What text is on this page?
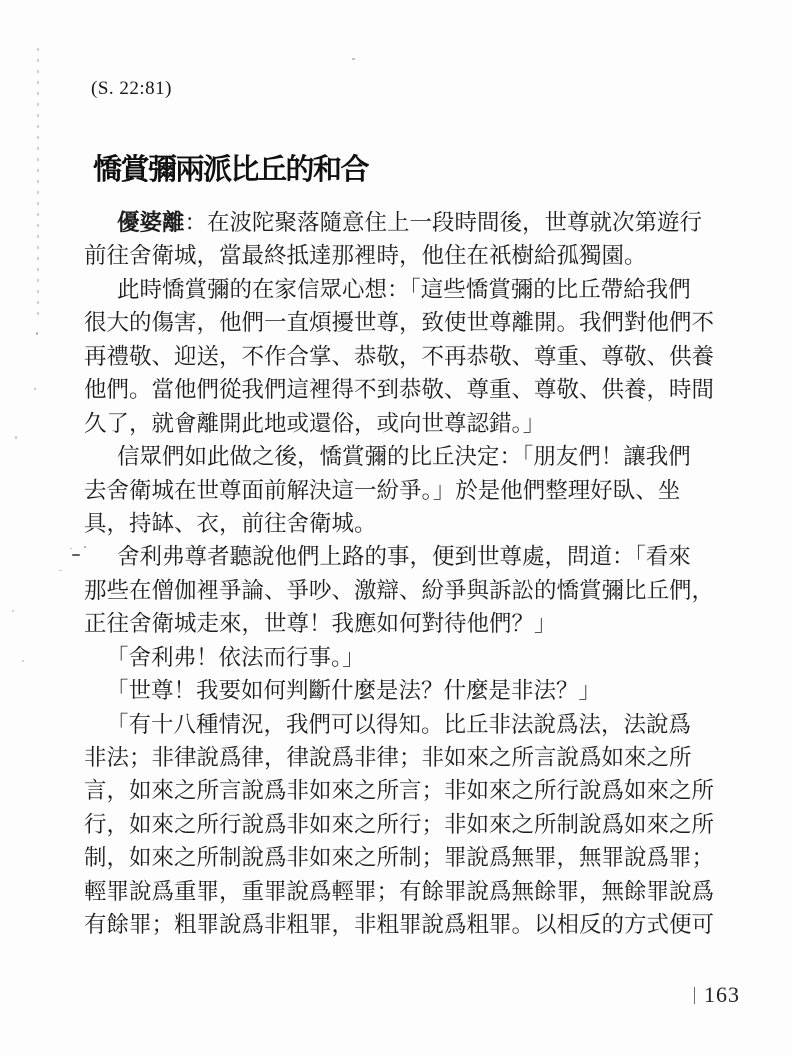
(S. 22:81)
憍賞彌兩派比丘的和合
優婆離：在波陀聚落隨意住上一段時間後，世尊就次第遊行
前往舍衛城，當最終抵達那裡時，他住在祇樹給孤獨園。
此時憍賞彌的在家信眾心想：「這些憍賞彌的比丘帶給我們
很大的傷害，他們一直煩擾世尊，致使世尊離開。我們對他們不
再禮敬、迎送，不作合掌、恭敬，不再恭敬、尊重、尊敬、供養
他們。當他們從我們這裡得不到恭敬、尊重、尊敬、供養，時間
久了，就會離開此地或還俗，或向世尊認錯。」
信眾們如此做之後，憍賞彌的比丘決定：「朋友們！讓我們
去舍衛城在世尊面前解決這一紛爭。」於是他們整理好臥、坐
具，持缽、衣，前往舍衛城。
舍利弗尊者聽說他們上路的事，便到世尊處，問道：「看來
那些在僧伽裡爭論、爭吵、激辯、紛爭與訴訟的憍賞彌比丘們，
正往舍衛城走來，世尊！我應如何對待他們？」
「舍利弗！依法而行事。」
「世尊！我要如何判斷什麼是法？什麼是非法？」
「有十八種情況，我們可以得知。比丘非法說爲法，法說爲
非法；非律說爲律，律說爲非律；非如來之所言說爲如來之所
言，如來之所言說爲非如來之所言；非如來之所行說爲如來之所
行，如來之所行說爲非如來之所行；非如來之所制說爲如來之所
制，如來之所制說爲非如來之所制；罪說爲無罪，無罪說爲罪；
輕罪說爲重罪，重罪說爲輕罪；有餘罪說爲無餘罪，無餘罪說爲
有餘罪；粗罪說爲非粗罪，非粗罪說爲粗罪。以相反的方式便可
163
